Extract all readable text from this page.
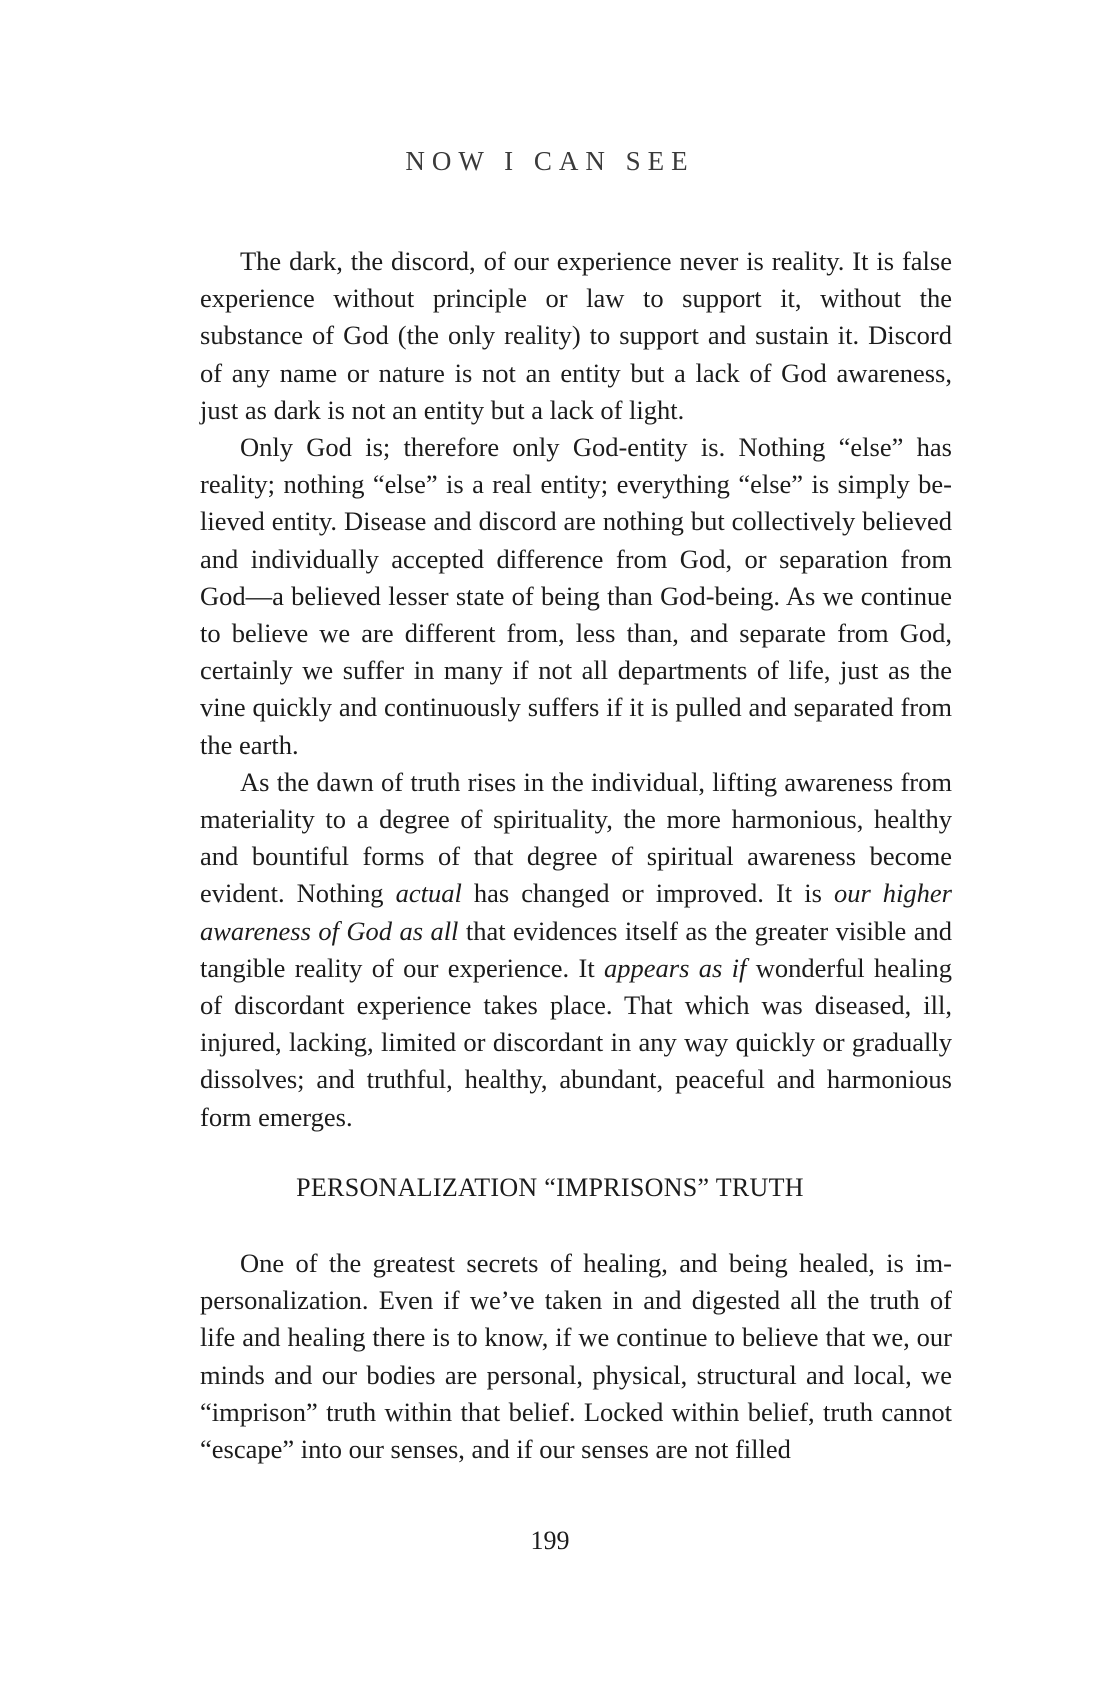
NOW I CAN SEE

The dark, the discord, of our experience never is reality. It is false experience without principle or law to support it, without the substance of God (the only reality) to support and sustain it. Discord of any name or nature is not an entity but a lack of God awareness, just as dark is not an entity but a lack of light.

Only God is; therefore only God-entity is. Nothing “else” has reality; nothing “else” is a real entity; everything “else” is simply believed entity. Disease and discord are nothing but collectively believed and individually accepted difference from God, or separation from God—a believed lesser state of being than God-being. As we continue to believe we are different from, less than, and separate from God, certainly we suffer in many if not all departments of life, just as the vine quickly and continuously suffers if it is pulled and separated from the earth.

As the dawn of truth rises in the individual, lifting awareness from materiality to a degree of spirituality, the more harmonious, healthy and bountiful forms of that degree of spiritual awareness become evident. Nothing actual has changed or improved. It is our higher awareness of God as all that evidences itself as the greater visible and tangible reality of our experience. It appears as if wonderful healing of discordant experience takes place. That which was diseased, ill, injured, lacking, limited or discordant in any way quickly or gradually dissolves; and truthful, healthy, abundant, peaceful and harmonious form emerges.

PERSONALIZATION “IMPRISONS” TRUTH

One of the greatest secrets of healing, and being healed, is impersonalization. Even if we’ve taken in and digested all the truth of life and healing there is to know, if we continue to believe that we, our minds and our bodies are personal, physical, structural and local, we “imprison” truth within that belief. Locked within belief, truth cannot “escape” into our senses, and if our senses are not filled

199
